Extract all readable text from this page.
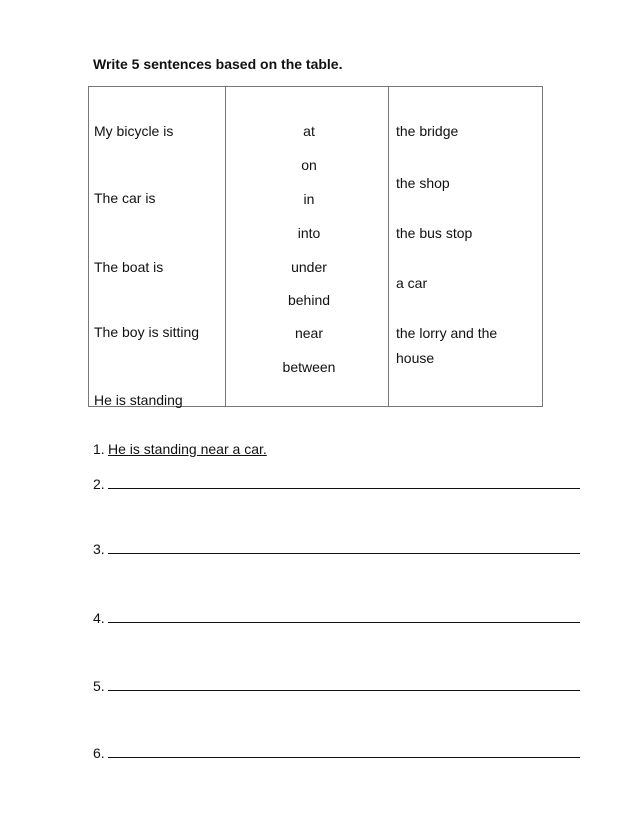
Write 5 sentences based on the table.
My bicycle is
The car is
The boat is
The boy is sitting
He is standing
at
on
in
into
under
behind
near
between
the bridge
the shop
the bus stop
a car
the lorry and the
house
1. He is standing near a car.
2.
3.
4.
5.
6.
